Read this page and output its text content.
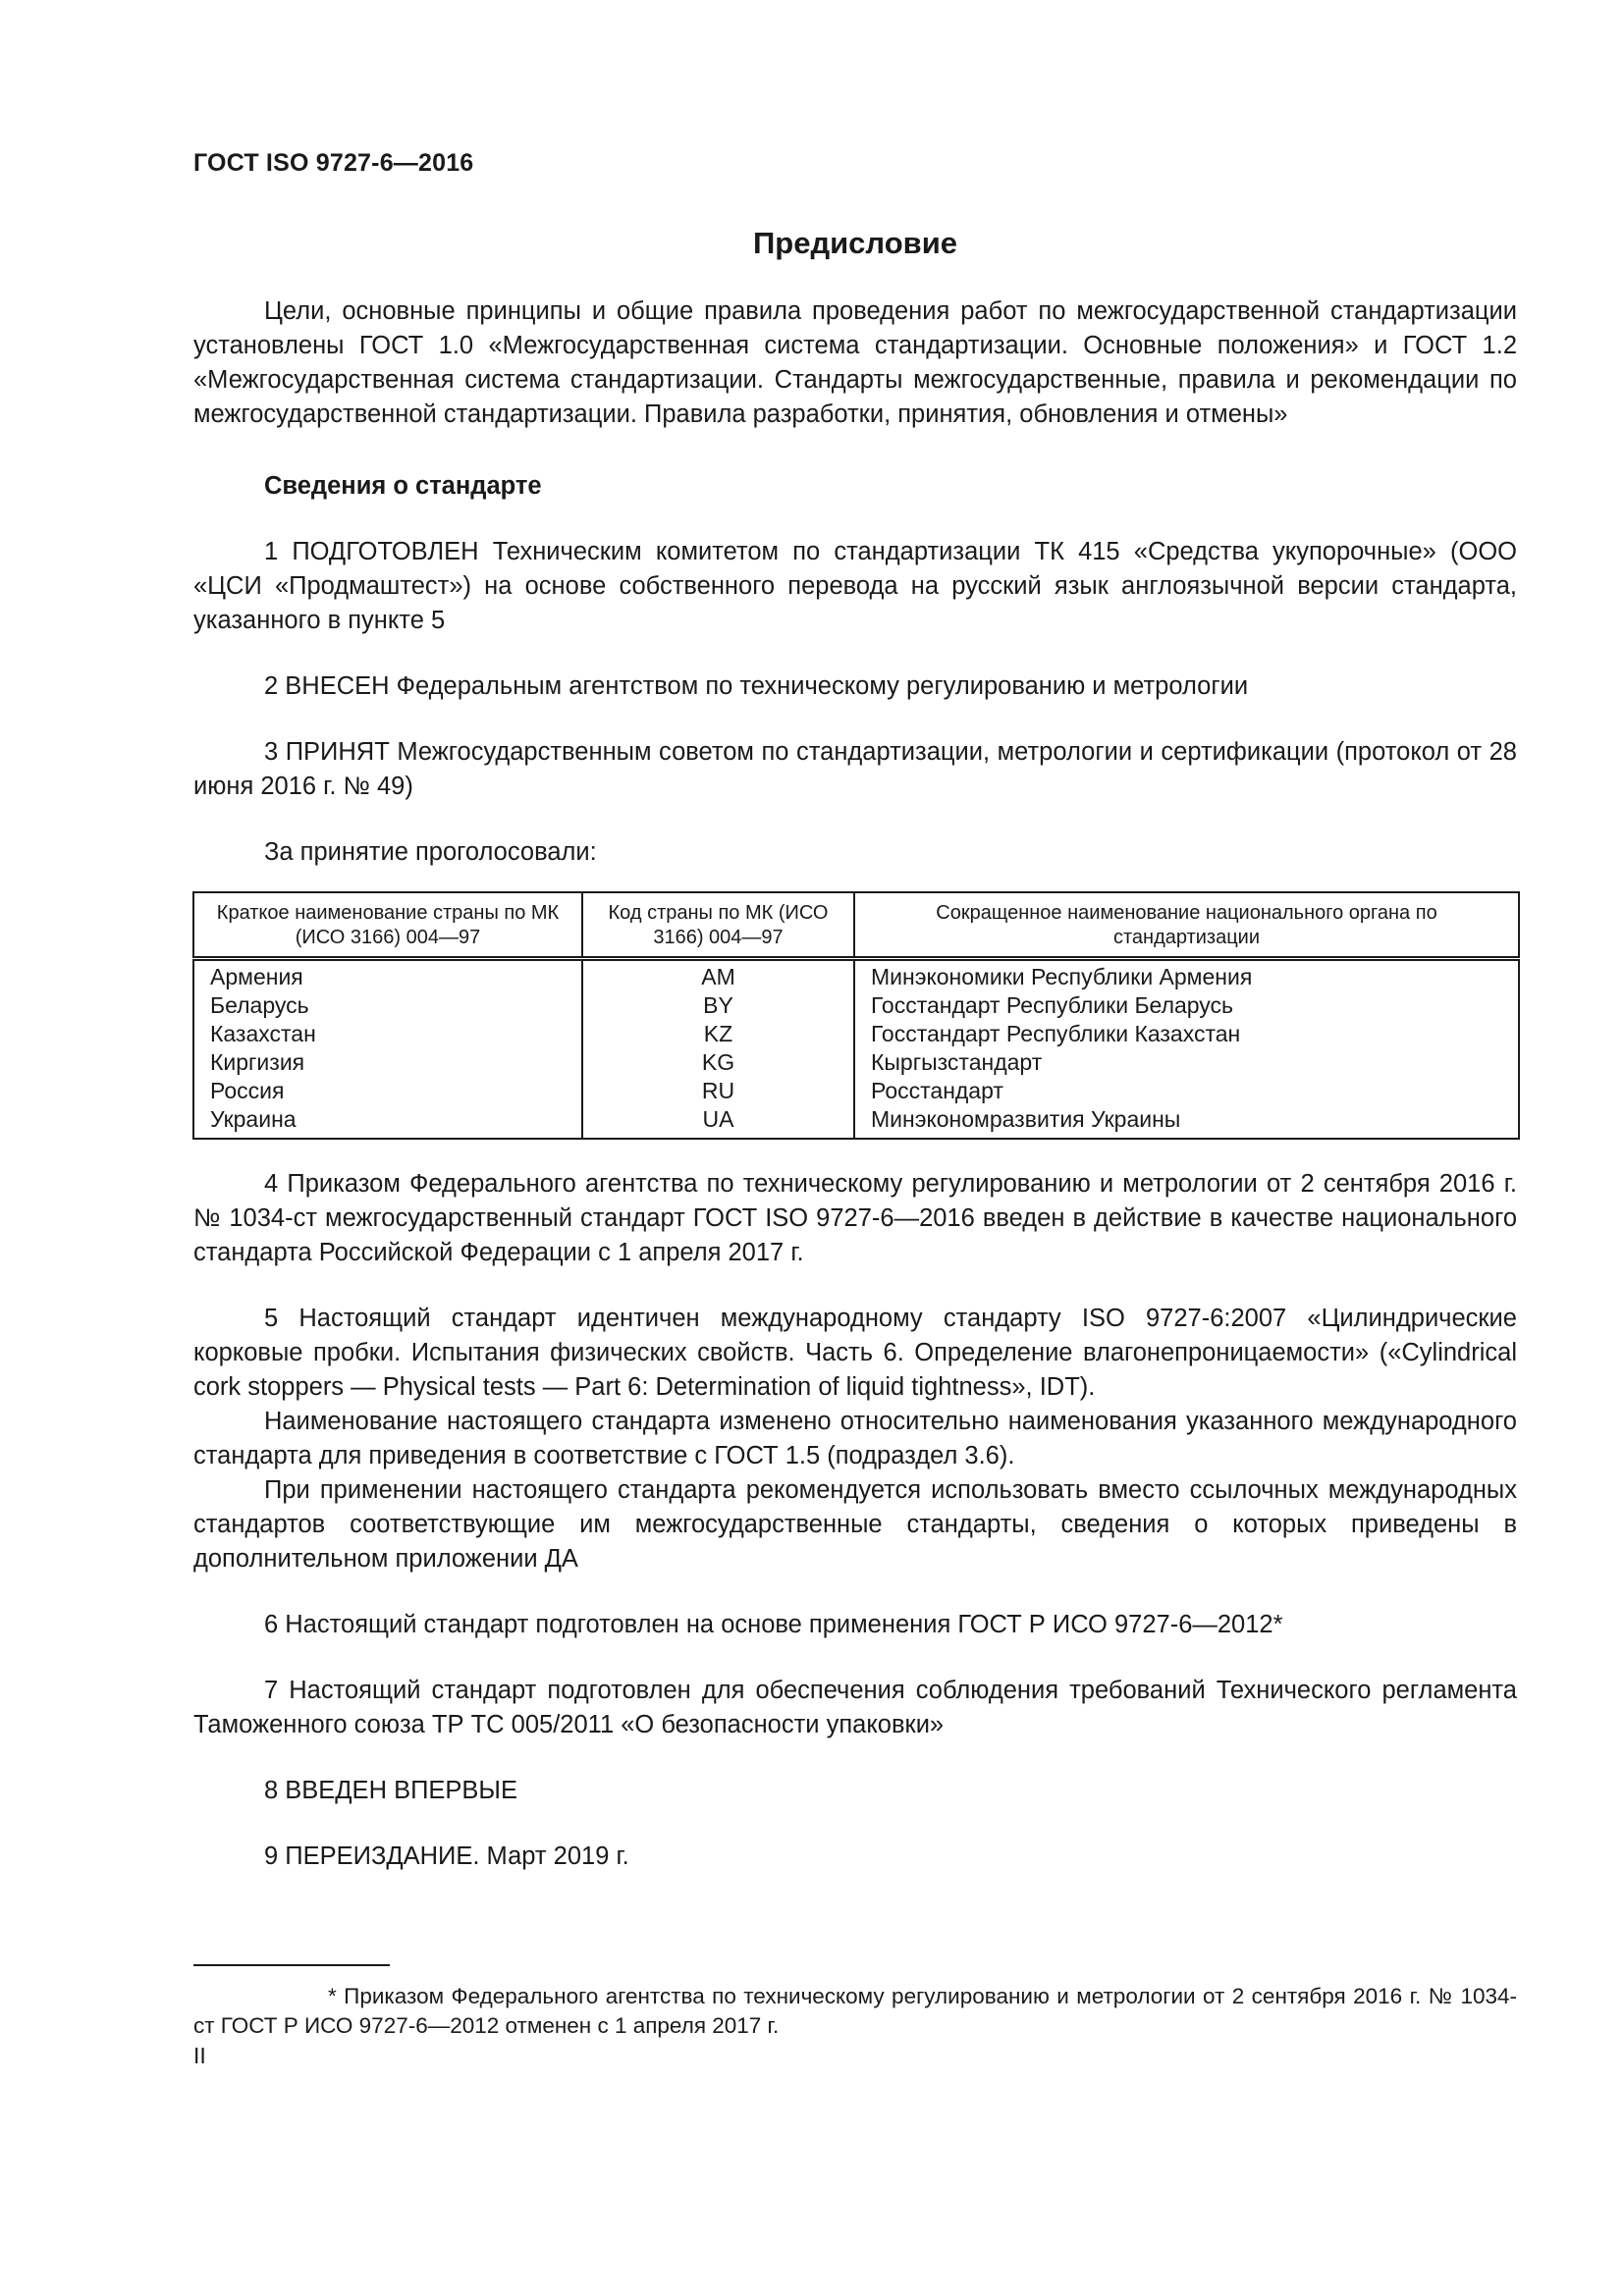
ГОСТ ISO 9727-6—2016
Предисловие

Цели, основные принципы и общие правила проведения работ по межгосударственной стандартизации установлены ГОСТ 1.0 «Межгосударственная система стандартизации. Основные положения» и ГОСТ 1.2 «Межгосударственная система стандартизации. Стандарты межгосударственные, правила и рекомендации по межгосударственной стандартизации. Правила разработки, принятия, обновления и отмены»

Сведения о стандарте

1 ПОДГОТОВЛЕН Техническим комитетом по стандартизации ТК 415 «Средства укупорочные» (ООО «ЦСИ «Продмаштест») на основе собственного перевода на русский язык англоязычной версии стандарта, указанного в пункте 5

2 ВНЕСЕН Федеральным агентством по техническому регулированию и метрологии

3 ПРИНЯТ Межгосударственным советом по стандартизации, метрологии и сертификации (протокол от 28 июня 2016 г. № 49)

За принятие проголосовали:

Краткое наименование страны по МК (ИСО 3166) 004—97	Код страны по МК (ИСО 3166) 004—97	Сокращенное наименование национального органа по стандартизации
Армения	AM	Минэкономики Республики Армения
Беларусь	BY	Госстандарт Республики Беларусь
Казахстан	KZ	Госстандарт Республики Казахстан
Киргизия	KG	Кыргызстандарт
Россия	RU	Росстандарт
Украина	UA	Минэкономразвития Украины

4 Приказом Федерального агентства по техническому регулированию и метрологии от 2 сентября 2016 г. № 1034-ст межгосударственный стандарт ГОСТ ISO 9727-6—2016 введен в действие в качестве национального стандарта Российской Федерации с 1 апреля 2017 г.

5 Настоящий стандарт идентичен международному стандарту ISO 9727-6:2007 «Цилиндрические корковые пробки. Испытания физических свойств. Часть 6. Определение влагонепроницаемости» («Cylindrical cork stoppers — Physical tests — Part 6: Determination of liquid tightness», IDT).

Наименование настоящего стандарта изменено относительно наименования указанного международного стандарта для приведения в соответствие с ГОСТ 1.5 (подраздел 3.6).

При применении настоящего стандарта рекомендуется использовать вместо ссылочных международных стандартов соответствующие им межгосударственные стандарты, сведения о которых приведены в дополнительном приложении ДА

6 Настоящий стандарт подготовлен на основе применения ГОСТ Р ИСО 9727-6—2012*

7 Настоящий стандарт подготовлен для обеспечения соблюдения требований Технического регламента Таможенного союза ТР ТС 005/2011 «О безопасности упаковки»

8 ВВЕДЕН ВПЕРВЫЕ

9 ПЕРЕИЗДАНИЕ. Март 2019 г.

* Приказом Федерального агентства по техническому регулированию и метрологии от 2 сентября 2016 г. № 1034-ст ГОСТ Р ИСО 9727-6—2012 отменен с 1 апреля 2017 г.
II
